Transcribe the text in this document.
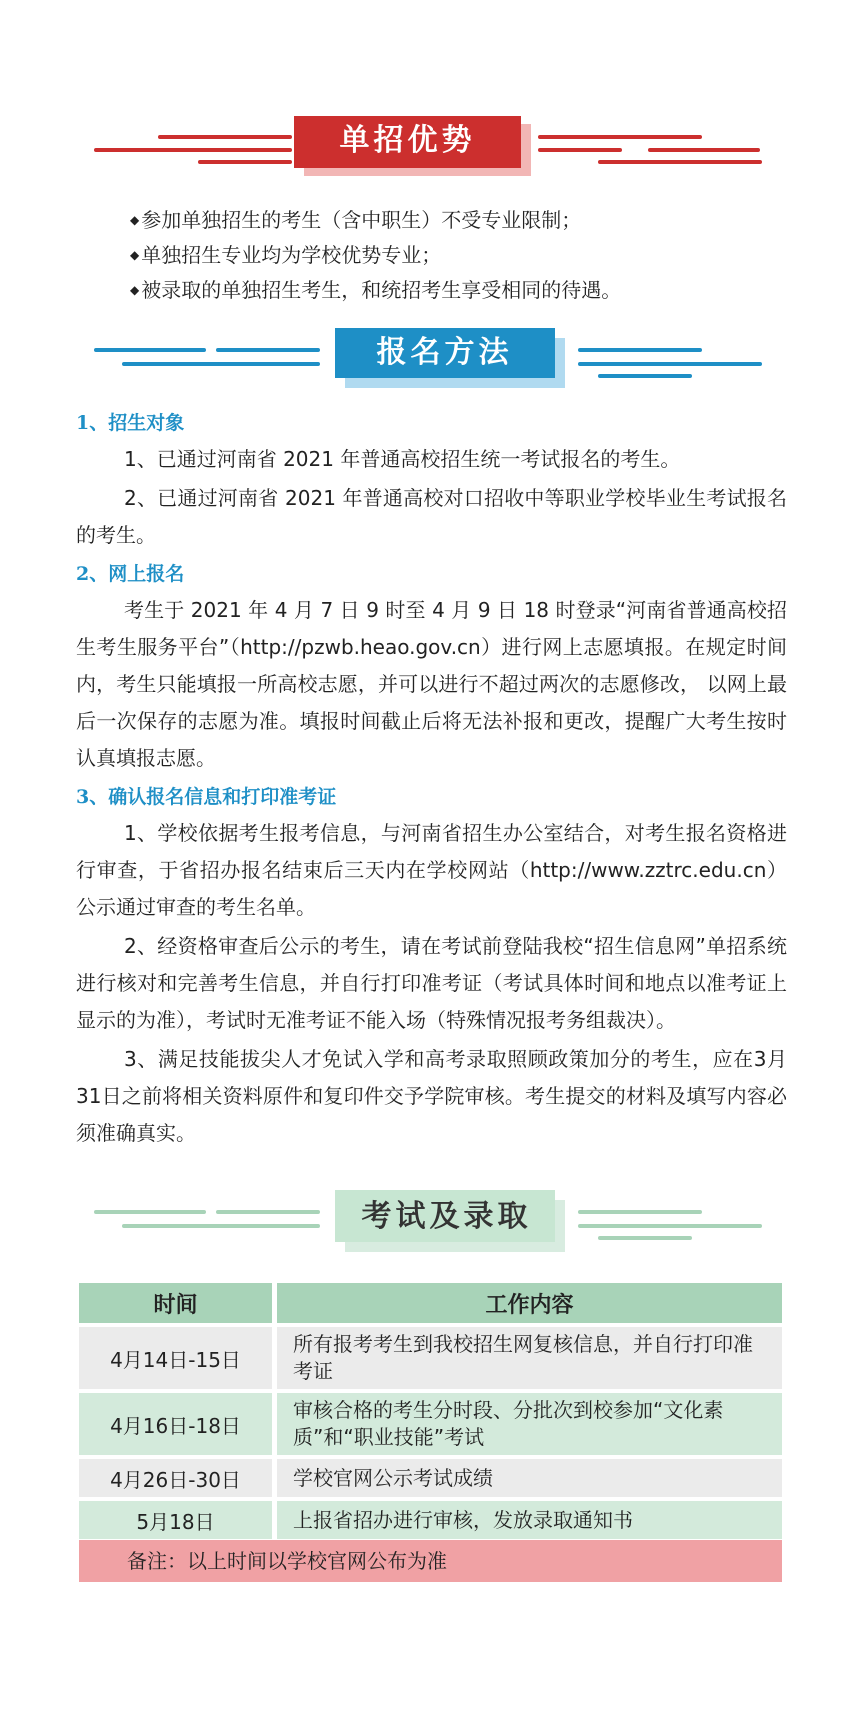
单招优势
◆ 参加单独招生的考生（含中职生）不受专业限制；
◆ 单独招生专业均为学校优势专业；
◆ 被录取的单独招生考生，和统招考生享受相同的待遇。
报名方法
1、招生对象

1、已通过河南省 2021 年普通高校招生统一考试报名的考生。

2、已通过河南省 2021 年普通高校对口招收中等职业学校毕业生考试报名的考生。

2、网上报名

考生于 2021 年 4 月 7 日 9 时至 4 月 9 日 18 时登录“河南省普通高校招生考生服务平台”（http://pzwb.heao.gov.cn）进行网上志愿填报。在规定时间内，考生只能填报一所高校志愿，并可以进行不超过两次的志愿修改， 以网上最后一次保存的志愿为准。填报时间截止后将无法补报和更改，提醒广大考生按时认真填报志愿。

3、确认报名信息和打印准考证

1、学校依据考生报考信息，与河南省招生办公室结合，对考生报名资格进行审查，于省招办报名结束后三天内在学校网站（http://www.zztrc.edu.cn）公示通过审查的考生名单。

2、经资格审查后公示的考生，请在考试前登陆我校“招生信息网”单招系统进行核对和完善考生信息，并自行打印准考证（考试具体时间和地点以准考证上显示的为准），考试时无准考证不能入场（特殊情况报考务组裁决）。

3、满足技能拔尖人才免试入学和高考录取照顾政策加分的考生，应在3月31日之前将相关资料原件和复印件交予学院审核。考生提交的材料及填写内容必须准确真实。

考试及录取
时间	工作内容
4月14日-15日	所有报考考生到我校招生网复核信息，并自行打印准考证
4月16日-18日	审核合格的考生分时段、分批次到校参加“文化素质”和“职业技能”考试
4月26日-30日	学校官网公示考试成绩
5月18日	上报省招办进行审核，发放录取通知书
备注：以上时间以学校官网公布为准
